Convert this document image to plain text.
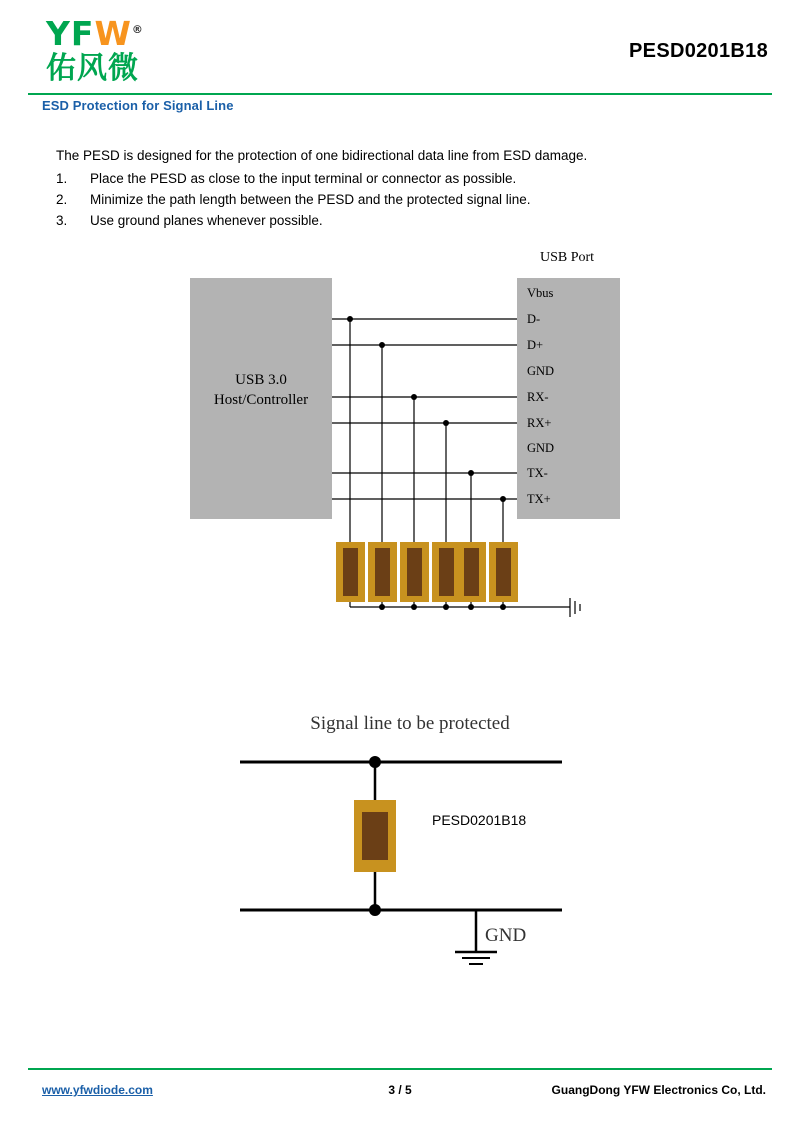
YFW®
佑风微	PESD0201B18
ESD Protection for Signal Line

The PESD is designed for the protection of one bidirectional data line from ESD damage.

1. Place the PESD as close to the input terminal or connector as possible.
2. Minimize the path length between the PESD and the protected signal line.
3. Use ground planes whenever possible.
USB Port
USB 3.0
Host/Controller
Vbus
D-
D+
GND
RX-
RX+
GND
TX-
TX+
Signal line to be protected
PESD0201B18
GND
www.yfwdiode.com	3 / 5	GuangDong YFW Electronics Co, Ltd.
